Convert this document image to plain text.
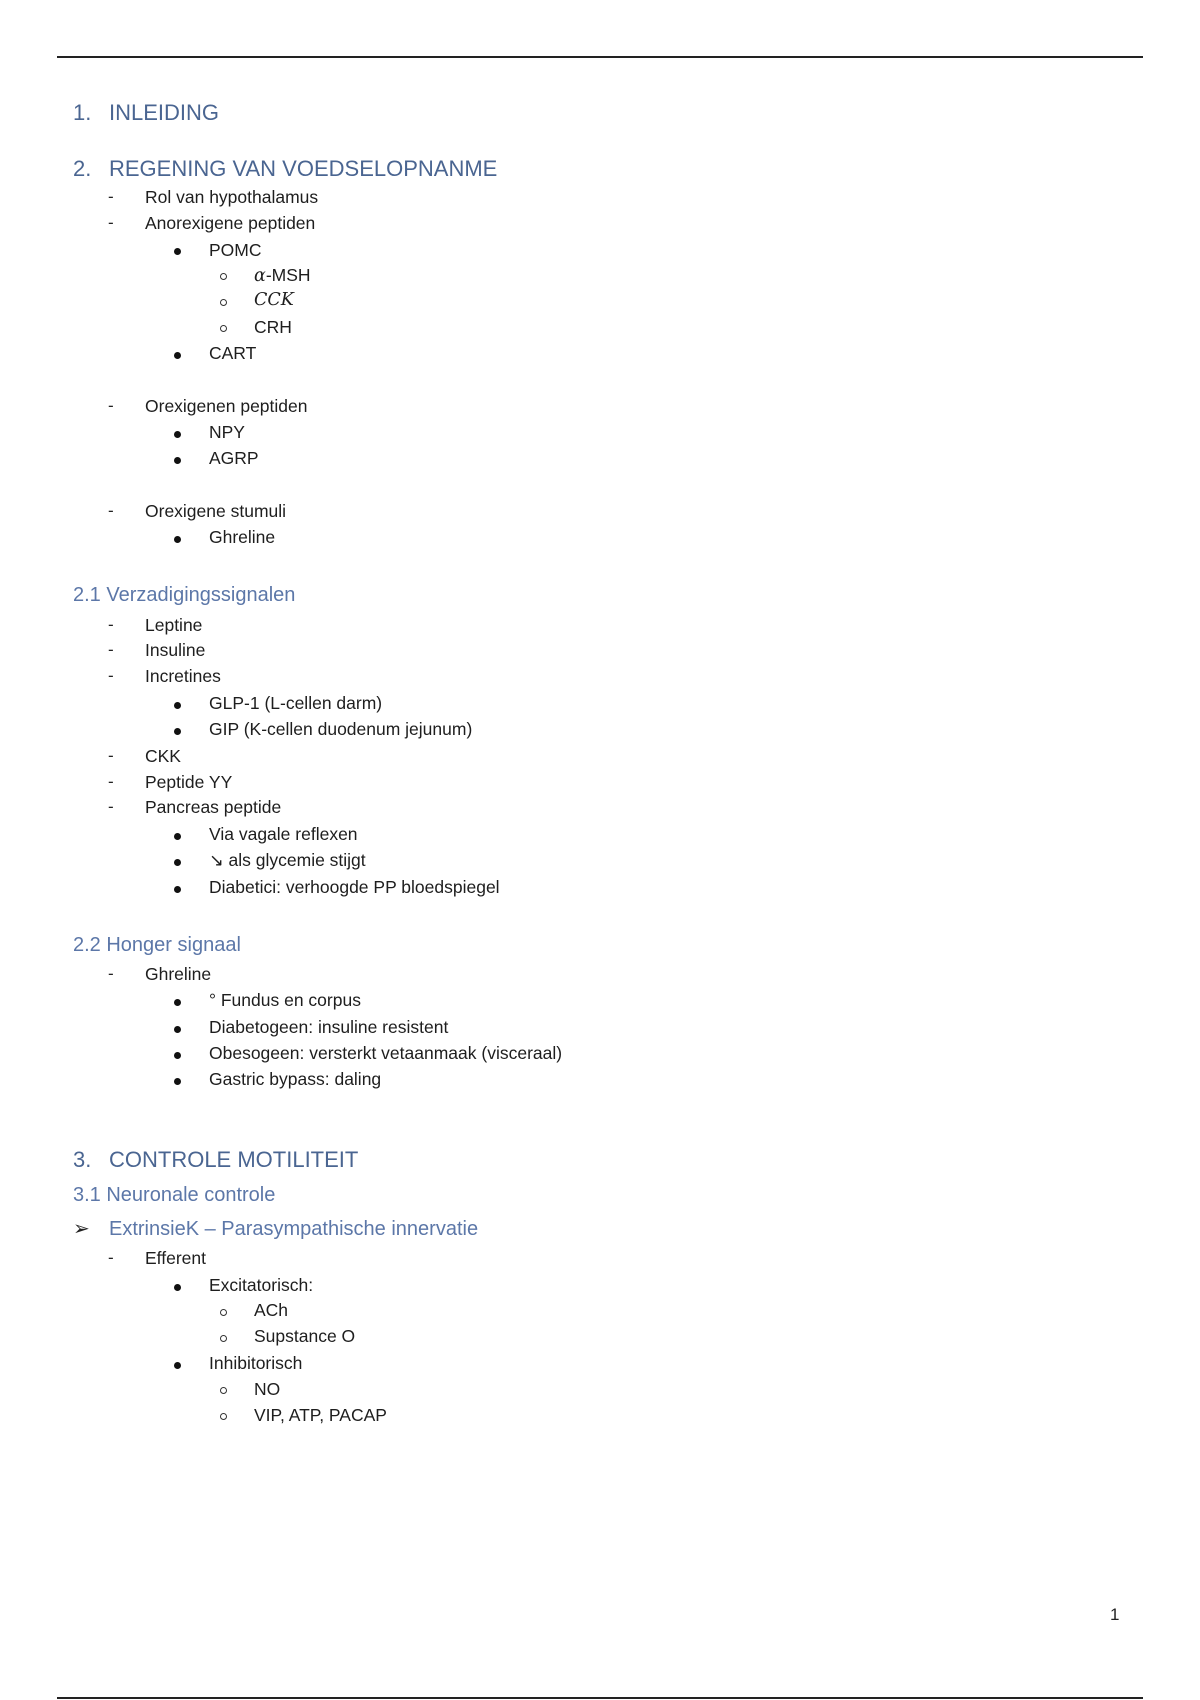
1. INLEIDING
2. REGENING VAN VOEDSELOPNANME
- Rol van hypothalamus
- Anorexigene peptiden
POMC
α-MSH
CCK
CRH
CART
- Orexigenen peptiden
NPY
AGRP
- Orexigene stumuli
Ghreline
2.1 Verzadigingssignalen
- Leptine
- Insuline
- Incretines
GLP-1 (L-cellen darm)
GIP (K-cellen duodenum jejunum)
- CKK
- Peptide YY
- Pancreas peptide
Via vagale reflexen
↘ als glycemie stijgt
Diabetici: verhoogde PP bloedspiegel
2.2 Honger signaal
- Ghreline
° Fundus en corpus
Diabetogeen: insuline resistent
Obesogeen: versterkt vetaanmaak (visceraal)
Gastric bypass: daling
3. CONTROLE MOTILITEIT
3.1 Neuronale controle
➢ ExtrinsieK – Parasympathische innervatie
- Efferent
Excitatorisch:
ACh
Supstance O
Inhibitorisch
NO
VIP, ATP, PACAP
1
